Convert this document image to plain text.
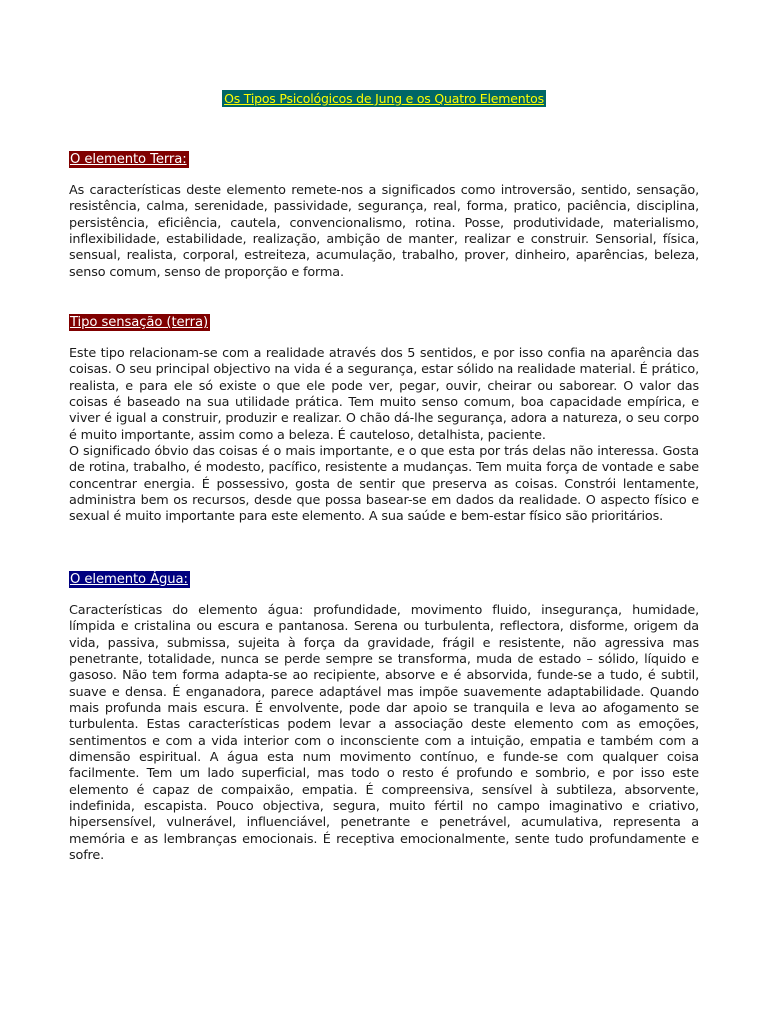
Os Tipos Psicológicos de Jung e os Quatro Elementos
O elemento Terra:

As características deste elemento remete-nos a significados como introversão, sentido, sensação, resistência, calma, serenidade, passividade, segurança, real, forma, pratico, paciência, disciplina, persistência, eficiência, cautela, convencionalismo, rotina. Posse, produtividade, materialismo, inflexibilidade, estabilidade, realização, ambição de manter, realizar e construir. Sensorial, física, sensual, realista, corporal, estreiteza, acumulação, trabalho, prover, dinheiro, aparências, beleza, senso comum, senso de proporção e forma.

Tipo sensação (terra)

Este tipo relacionam-se com a realidade através dos 5 sentidos, e por isso confia na aparência das coisas. O seu principal objectivo na vida é a segurança, estar sólido na realidade material. É prático, realista, e para ele só existe o que ele pode ver, pegar, ouvir, cheirar ou saborear. O valor das coisas é baseado na sua utilidade prática. Tem muito senso comum, boa capacidade empírica, e viver é igual a construir, produzir e realizar. O chão dá-lhe segurança, adora a natureza, o seu corpo é muito importante, assim como a beleza. É cauteloso, detalhista, paciente.

O significado óbvio das coisas é o mais importante, e o que esta por trás delas não interessa. Gosta de rotina, trabalho, é modesto, pacífico, resistente a mudanças. Tem muita força de vontade e sabe concentrar energia. É possessivo, gosta de sentir que preserva as coisas. Constrói lentamente, administra bem os recursos, desde que possa basear-se em dados da realidade. O aspecto físico e sexual é muito importante para este elemento. A sua saúde e bem-estar físico são prioritários.

O elemento Água:

Características do elemento água: profundidade, movimento fluido, insegurança, humidade, límpida e cristalina ou escura e pantanosa. Serena ou turbulenta, reflectora, disforme, origem da vida, passiva, submissa, sujeita à força da gravidade, frágil e resistente, não agressiva mas penetrante, totalidade, nunca se perde sempre se transforma, muda de estado – sólido, líquido e gasoso. Não tem forma adapta-se ao recipiente, absorve e é absorvida, funde-se a tudo, é subtil, suave e densa. É enganadora, parece adaptável mas impõe suavemente adaptabilidade. Quando mais profunda mais escura. É envolvente, pode dar apoio se tranquila e leva ao afogamento se turbulenta. Estas características podem levar a associação deste elemento com as emoções, sentimentos e com a vida interior com o inconsciente com a intuição, empatia e também com a dimensão espiritual. A água esta num movimento contínuo, e funde-se com qualquer coisa facilmente. Tem um lado superficial, mas todo o resto é profundo e sombrio, e por isso este elemento é capaz de compaixão, empatia. É compreensiva, sensível à subtileza, absorvente, indefinida, escapista. Pouco objectiva, segura, muito fértil no campo imaginativo e criativo, hipersensível, vulnerável, influenciável, penetrante e penetrável, acumulativa, representa a memória e as lembranças emocionais. É receptiva emocionalmente, sente tudo profundamente e sofre.
